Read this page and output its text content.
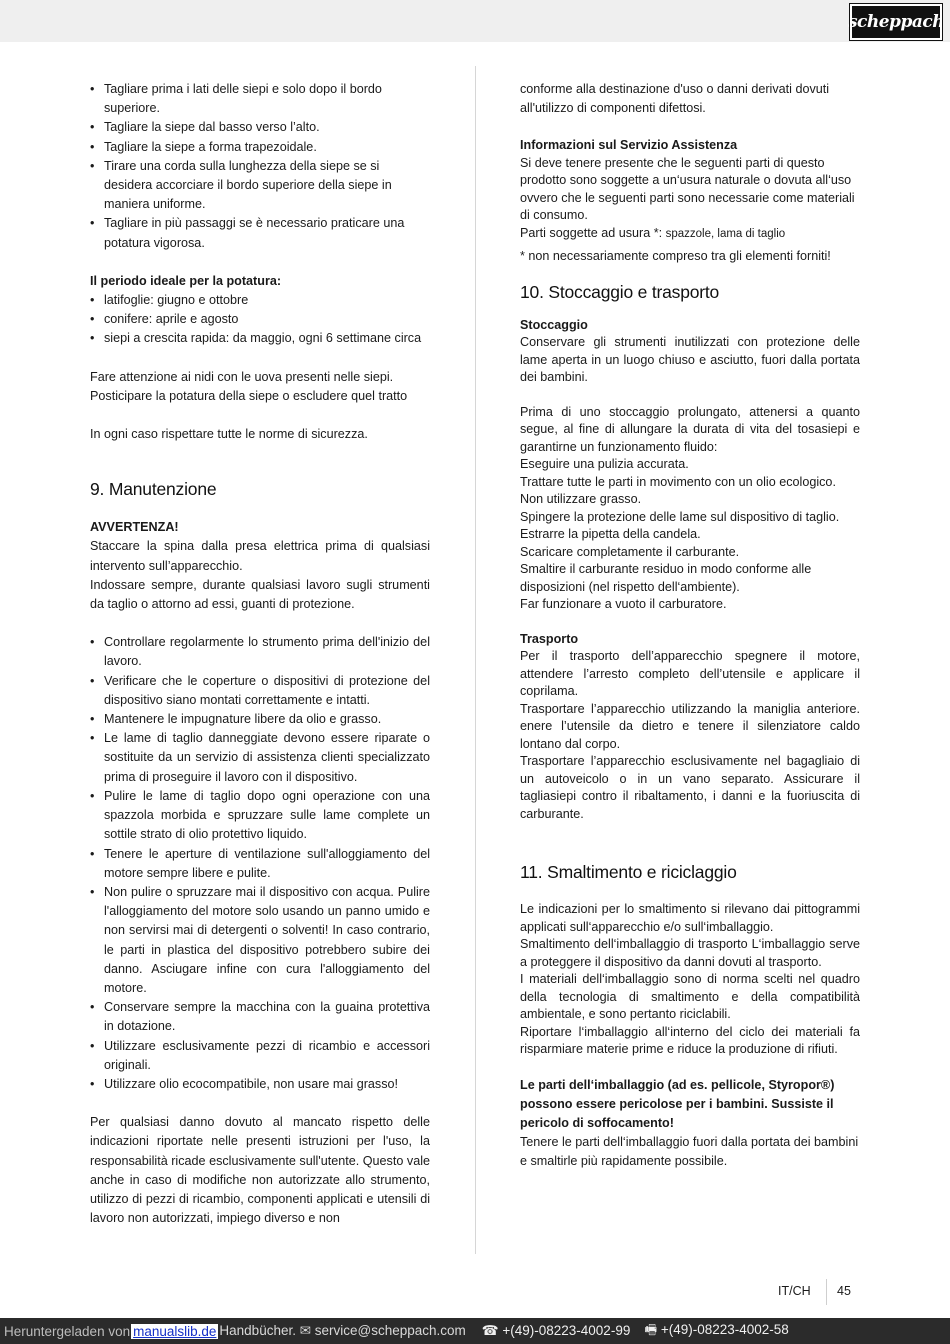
scheppach
• Tagliare prima i lati delle siepi e solo dopo il bordo superiore.
• Tagliare la siepe dal basso verso l’alto.
• Tagliare la siepe a forma trapezoidale.
• Tirare una corda sulla lunghezza della siepe se si desidera accorciare il bordo superiore della siepe in maniera uniforme.
• Tagliare in più passaggi se è necessario praticare una potatura vigorosa.

Il periodo ideale per la potatura:

• latifoglie: giugno e ottobre
• conifere: aprile e agosto
• siepi a crescita rapida: da maggio, ogni 6 settimane circa

Fare attenzione ai nidi con le uova presenti nelle siepi.

Posticipare la potatura della siepe o escludere quel tratto

In ogni caso rispettare tutte le norme di sicurezza.

9. Manutenzione

AVVERTENZA!

Staccare la spina dalla presa elettrica prima di qualsiasi intervento sull’apparecchio.

Indossare sempre, durante qualsiasi lavoro sugli strumenti da taglio o attorno ad essi, guanti di protezione.

• Controllare regolarmente lo strumento prima dell'inizio del lavoro.
• Verificare che le coperture o dispositivi di protezione del dispositivo siano montati correttamente e intatti.
• Mantenere le impugnature libere da olio e grasso.
• Le lame di taglio danneggiate devono essere riparate o sostituite da un servizio di assistenza clienti specializzato prima di proseguire il lavoro con il dispositivo.
• Pulire le lame di taglio dopo ogni operazione con una spazzola morbida e spruzzare sulle lame complete un sottile strato di olio protettivo liquido.
• Tenere le aperture di ventilazione sull'alloggiamento del motore sempre libere e pulite.
• Non pulire o spruzzare mai il dispositivo con acqua. Pulire l'alloggiamento del motore solo usando un panno umido e non servirsi mai di detergenti o solventi! In caso contrario, le parti in plastica del dispositivo potrebbero subire dei danno. Asciugare infine con cura l'alloggiamento del motore.
• Conservare sempre la macchina con la guaina protettiva in dotazione.
• Utilizzare esclusivamente pezzi di ricambio e accessori originali.
• Utilizzare olio ecocompatibile, non usare mai grasso!

Per qualsiasi danno dovuto al mancato rispetto delle indicazioni riportate nelle presenti istruzioni per l'uso, la responsabilità ricade esclusivamente sull'utente. Questo vale anche in caso di modifiche non autorizzate allo strumento, utilizzo di pezzi di ricambio, componenti applicati e utensili di lavoro non autorizzati, impiego diverso e non

conforme alla destinazione d'uso o danni derivati dovuti all'utilizzo di componenti difettosi.

Informazioni sul Servizio Assistenza

Si deve tenere presente che le seguenti parti di questo prodotto sono soggette a un‘usura naturale o dovuta all‘uso ovvero che le seguenti parti sono necessarie come materiali di consumo.

Parti soggette ad usura *: spazzole, lama di taglio

* non necessariamente compreso tra gli elementi forniti!

10. Stoccaggio e trasporto

Stoccaggio

Conservare gli strumenti inutilizzati con protezione delle lame aperta in un luogo chiuso e asciutto, fuori dalla portata dei bambini.

Prima di uno stoccaggio prolungato, attenersi a quanto segue, al fine di allungare la durata di vita del tosasiepi e garantirne un funzionamento fluido:

Eseguire una pulizia accurata.

Trattare tutte le parti in movimento con un olio ecologico.

Non utilizzare grasso.

Spingere la protezione delle lame sul dispositivo di taglio.

Estrarre la pipetta della candela.

Scaricare completamente il carburante.

Smaltire il carburante residuo in modo conforme alle disposizioni (nel rispetto dell‘ambiente).

Far funzionare a vuoto il carburatore.

Trasporto

Per il trasporto dell’apparecchio spegnere il motore, attendere l’arresto completo dell’utensile e applicare il coprilama.

Trasportare l’apparecchio utilizzando la maniglia anteriore. enere l’utensile da dietro e tenere il silenziatore caldo lontano dal corpo.

Trasportare l’apparecchio esclusivamente nel bagagliaio di un autoveicolo o in un vano separato. Assicurare il tagliasiepi contro il ribaltamento, i danni e la fuoriuscita di carburante.

11. Smaltimento e riciclaggio

Le indicazioni per lo smaltimento si rilevano dai pittogrammi applicati sull‘apparecchio e/o sull‘imballaggio.

Smaltimento dell‘imballaggio di trasporto L‘imballaggio serve a proteggere il dispositivo da danni dovuti al trasporto.

I materiali dell‘imballaggio sono di norma scelti nel quadro della tecnologia di smaltimento e della compatibilità ambientale, e sono pertanto riciclabili.

Riportare l‘imballaggio all‘interno del ciclo dei materiali fa risparmiare materie prime e riduce la produzione di rifiuti.

Le parti dell‘imballaggio (ad es. pellicole, Styropor®) possono essere pericolose per i bambini. Sussiste il pericolo di soffocamento!

Tenere le parti dell‘imballaggio fuori dalla portata dei bambini e smaltirle più rapidamente possibile.

IT/CH 45
Heruntergeladen von manualslib.de Handbücher. ✉ service@scheppach.com ☎ +(49)-08223-4002-99 🖷 +(49)-08223-4002-58
